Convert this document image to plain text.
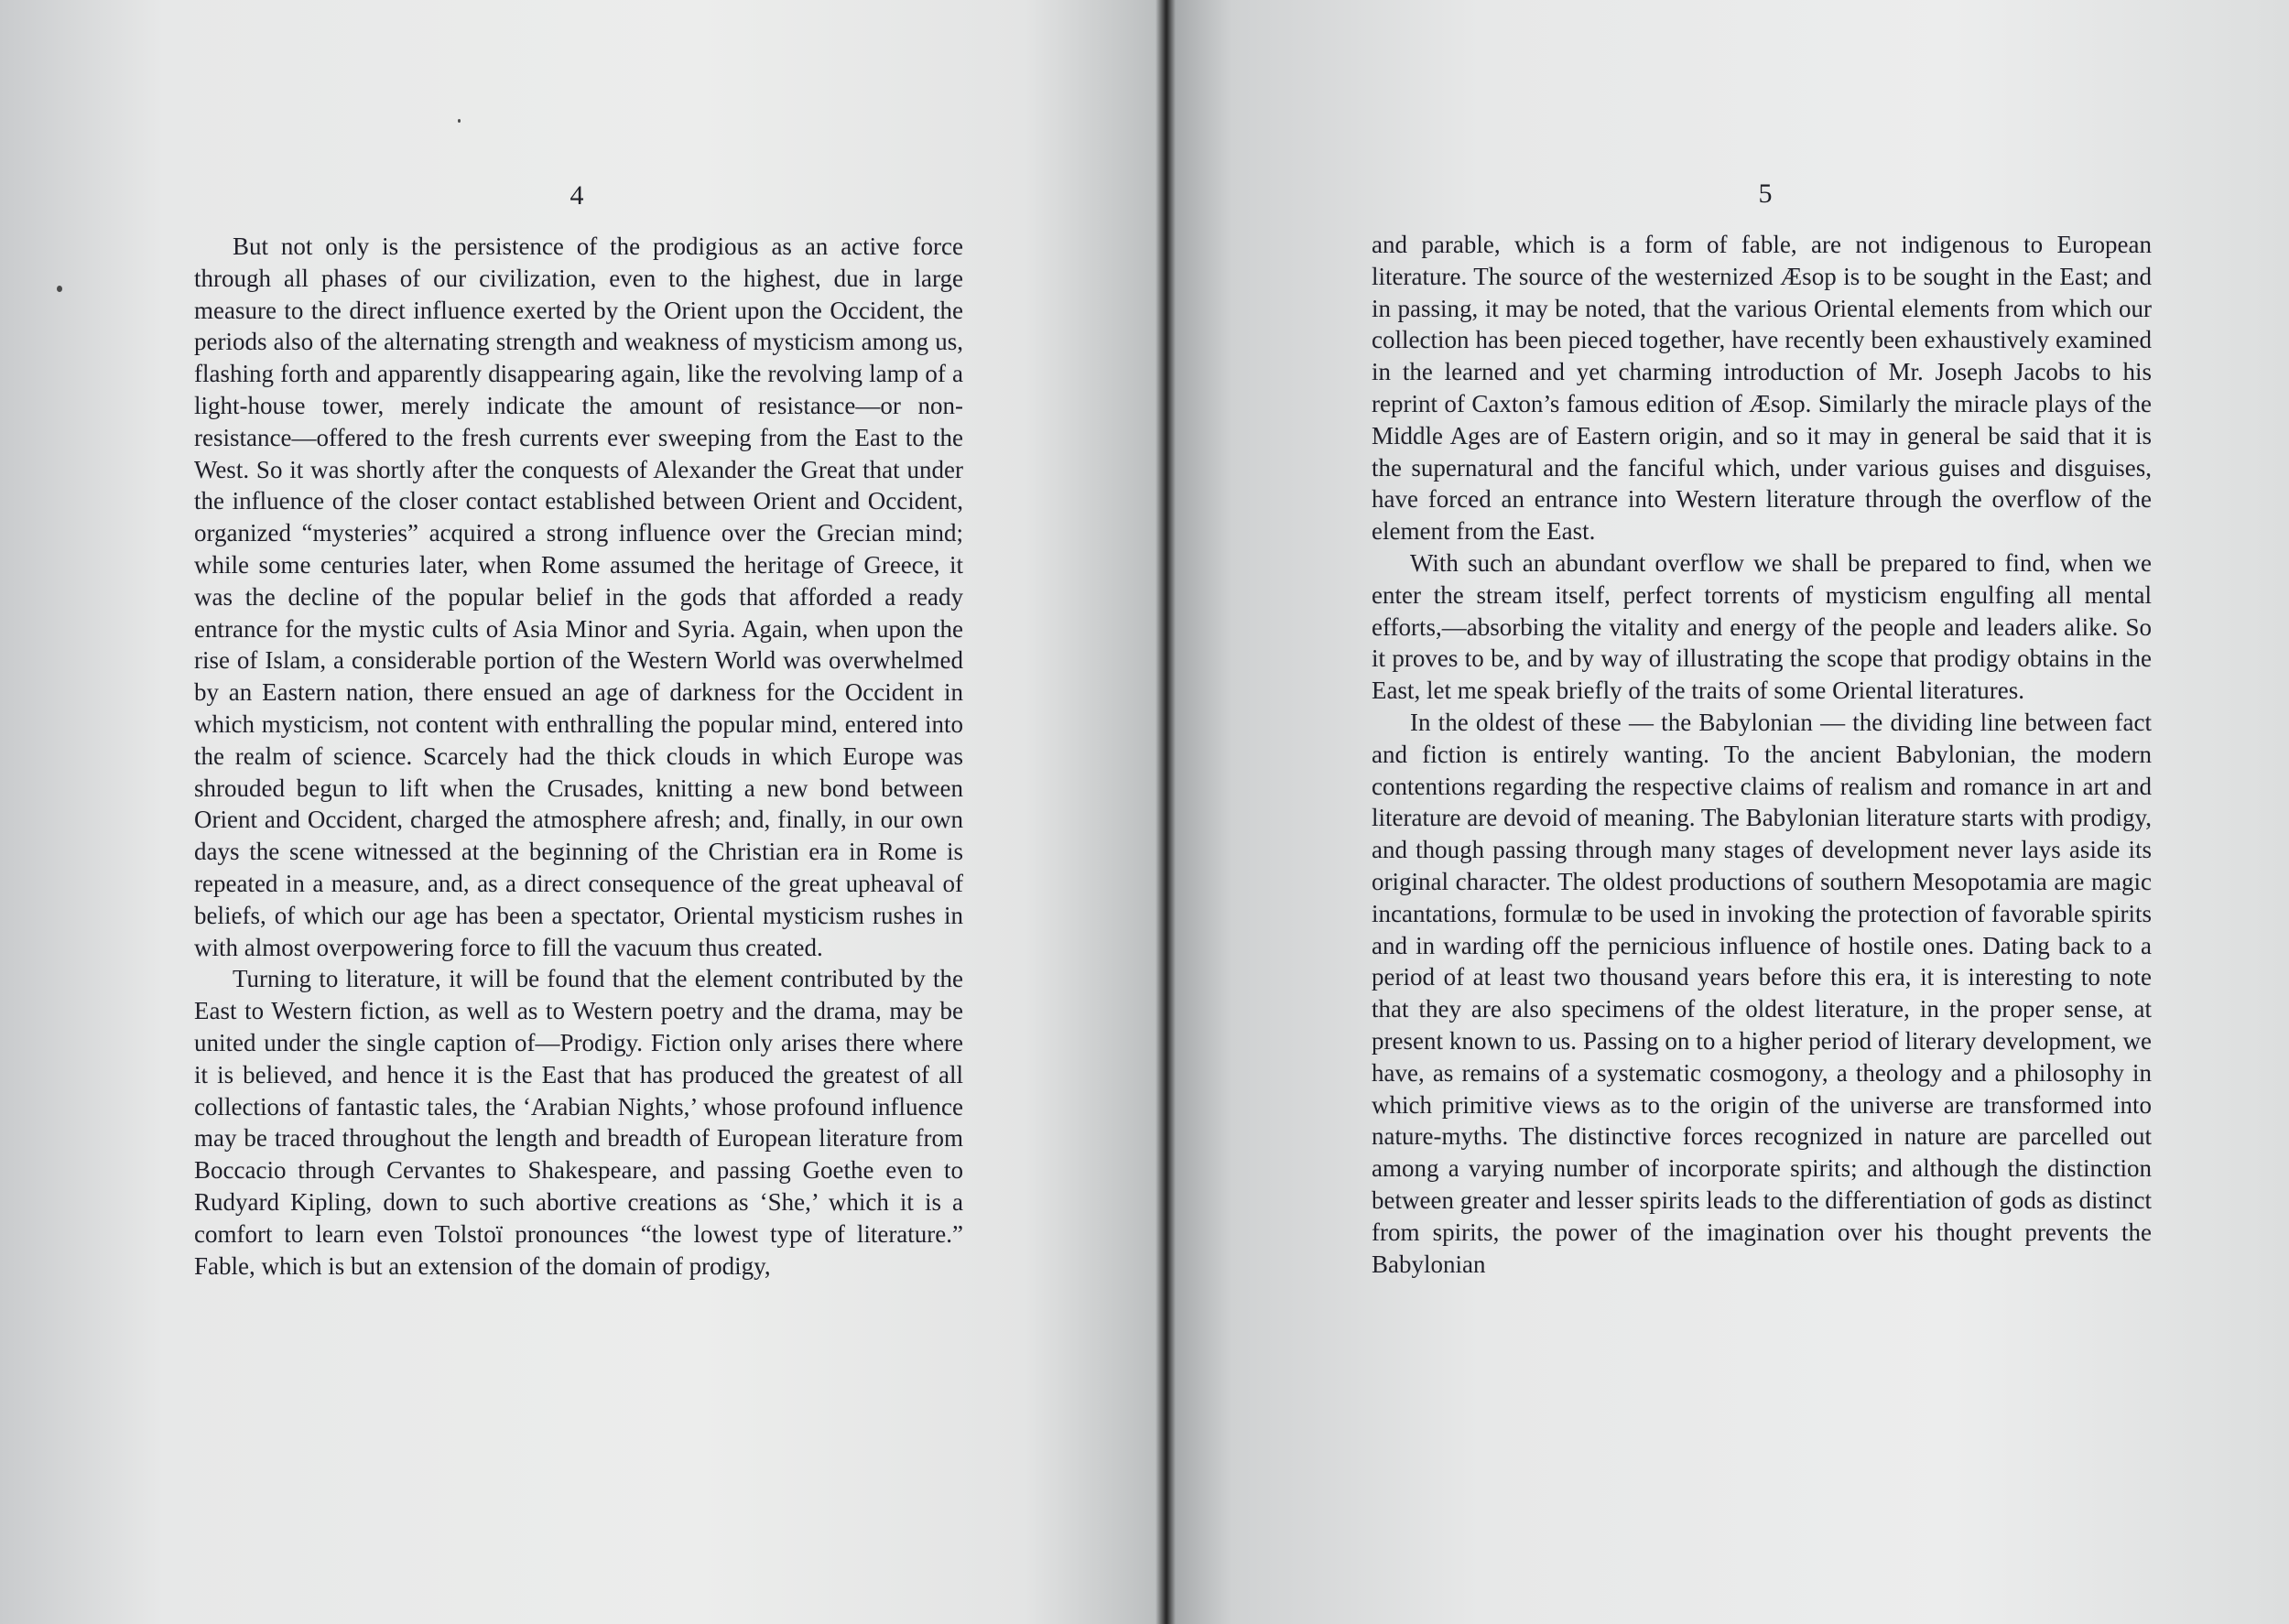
4

But not only is the persistence of the prodigious as an active force through all phases of our civilization, even to the highest, due in large measure to the direct influence exerted by the Orient upon the Occident, the periods also of the alternating strength and weakness of mysticism among us, flashing forth and apparently disappearing again, like the revolving lamp of a light-house tower, merely indicate the amount of resistance—or non-resistance—offered to the fresh currents ever sweeping from the East to the West. So it was shortly after the conquests of Alexander the Great that under the influence of the closer contact established between Orient and Occident, organized “mysteries” acquired a strong influence over the Grecian mind; while some centuries later, when Rome assumed the heritage of Greece, it was the decline of the popular belief in the gods that afforded a ready entrance for the mystic cults of Asia Minor and Syria. Again, when upon the rise of Islam, a considerable portion of the Western World was overwhelmed by an Eastern nation, there ensued an age of darkness for the Occident in which mysticism, not content with enthralling the popular mind, entered into the realm of science. Scarcely had the thick clouds in which Europe was shrouded begun to lift when the Crusades, knitting a new bond between Orient and Occident, charged the atmosphere afresh; and, finally, in our own days the scene witnessed at the beginning of the Christian era in Rome is repeated in a measure, and, as a direct consequence of the great upheaval of beliefs, of which our age has been a spectator, Oriental mysticism rushes in with almost overpowering force to fill the vacuum thus created.

Turning to literature, it will be found that the element contributed by the East to Western fiction, as well as to Western poetry and the drama, may be united under the single caption of—Prodigy. Fiction only arises there where it is believed, and hence it is the East that has produced the greatest of all collections of fantastic tales, the ‘Arabian Nights,’ whose profound influence may be traced throughout the length and breadth of European literature from Boccacio through Cervantes to Shakespeare, and passing Goethe even to Rudyard Kipling, down to such abortive creations as ‘She,’ which it is a comfort to learn even Tolstoï pronounces “the lowest type of literature.” Fable, which is but an extension of the domain of prodigy,

5

and parable, which is a form of fable, are not indigenous to European literature. The source of the westernized Æsop is to be sought in the East; and in passing, it may be noted, that the various Oriental elements from which our collection has been pieced together, have recently been exhaustively examined in the learned and yet charming introduction of Mr. Joseph Jacobs to his reprint of Caxton’s famous edition of Æsop. Similarly the miracle plays of the Middle Ages are of Eastern origin, and so it may in general be said that it is the supernatural and the fanciful which, under various guises and disguises, have forced an entrance into Western literature through the overflow of the element from the East.

With such an abundant overflow we shall be prepared to find, when we enter the stream itself, perfect torrents of mysticism engulfing all mental efforts,—absorbing the vitality and energy of the people and leaders alike. So it proves to be, and by way of illustrating the scope that prodigy obtains in the East, let me speak briefly of the traits of some Oriental literatures.

In the oldest of these — the Babylonian — the dividing line between fact and fiction is entirely wanting. To the ancient Babylonian, the modern contentions regarding the respective claims of realism and romance in art and literature are devoid of meaning. The Babylonian literature starts with prodigy, and though passing through many stages of development never lays aside its original character. The oldest productions of southern Mesopotamia are magic incantations, formulæ to be used in invoking the protection of favorable spirits and in warding off the pernicious influence of hostile ones. Dating back to a period of at least two thousand years before this era, it is interesting to note that they are also specimens of the oldest literature, in the proper sense, at present known to us. Passing on to a higher period of literary development, we have, as remains of a systematic cosmogony, a theology and a philosophy in which primitive views as to the origin of the universe are transformed into nature-myths. The distinctive forces recognized in nature are parcelled out among a varying number of incorporate spirits; and although the distinction between greater and lesser spirits leads to the differentiation of gods as distinct from spirits, the power of the imagination over his thought prevents the Babylonian
